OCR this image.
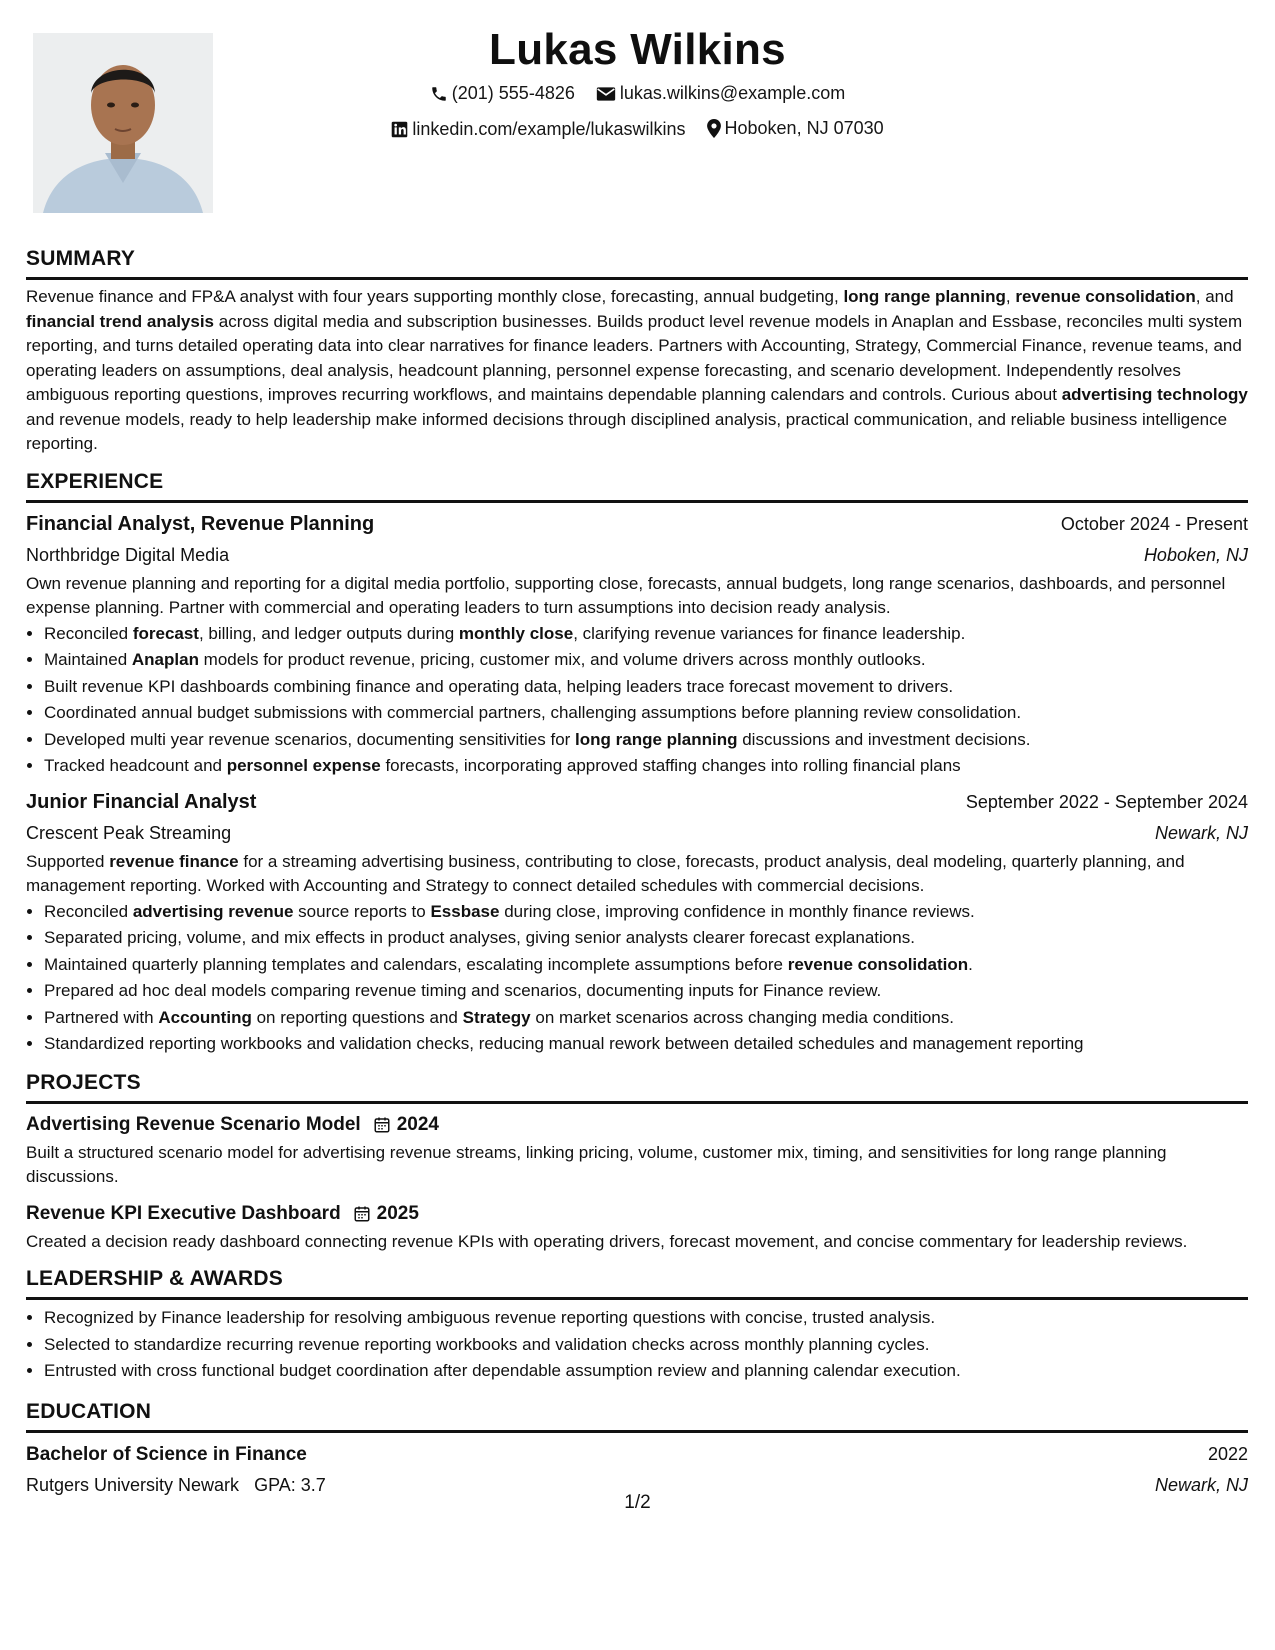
Lukas Wilkins
(201) 555-4826
	lukas.wilkins@example.com
linkedin.com/example/lukaswilkins
Hoboken, NJ 07030
SUMMARY

Revenue finance and FP&A analyst with four years supporting monthly close, forecasting, annual budgeting, long range planning, revenue consolidation, and financial trend analysis across digital media and subscription businesses. Builds product level revenue models in Anaplan and Essbase, reconciles multi system reporting, and turns detailed operating data into clear narratives for finance leaders. Partners with Accounting, Strategy, Commercial Finance, revenue teams, and operating leaders on assumptions, deal analysis, headcount planning, personnel expense forecasting, and scenario development. Independently resolves ambiguous reporting questions, improves recurring workflows, and maintains dependable planning calendars and controls. Curious about advertising technology and revenue models, ready to help leadership make informed decisions through disciplined analysis, practical communication, and reliable business intelligence reporting.

EXPERIENCE
Financial Analyst, Revenue Planning	October 2024 - Present
Northbridge Digital Media	Hoboken, NJ

Own revenue planning and reporting for a digital media portfolio, supporting close, forecasts, annual budgets, long range scenarios, dashboards, and personnel expense planning. Partner with commercial and operating leaders to turn assumptions into decision ready analysis.

• Reconciled forecast, billing, and ledger outputs during monthly close, clarifying revenue variances for finance leadership.
• Maintained Anaplan models for product revenue, pricing, customer mix, and volume drivers across monthly outlooks.
• Built revenue KPI dashboards combining finance and operating data, helping leaders trace forecast movement to drivers.
• Coordinated annual budget submissions with commercial partners, challenging assumptions before planning review consolidation.
• Developed multi year revenue scenarios, documenting sensitivities for long range planning discussions and investment decisions.
• Tracked headcount and personnel expense forecasts, incorporating approved staffing changes into rolling financial plans
Junior Financial Analyst	September 2022 - September 2024
Crescent Peak Streaming	Newark, NJ

Supported revenue finance for a streaming advertising business, contributing to close, forecasts, product analysis, deal modeling, quarterly planning, and management reporting. Worked with Accounting and Strategy to connect detailed schedules with commercial decisions.

• Reconciled advertising revenue source reports to Essbase during close, improving confidence in monthly finance reviews.
• Separated pricing, volume, and mix effects in product analyses, giving senior analysts clearer forecast explanations.
• Maintained quarterly planning templates and calendars, escalating incomplete assumptions before revenue consolidation.
• Prepared ad hoc deal models comparing revenue timing and scenarios, documenting inputs for Finance review.
• Partnered with Accounting on reporting questions and Strategy on market scenarios across changing media conditions.
• Standardized reporting workbooks and validation checks, reducing manual rework between detailed schedules and management reporting
PROJECTS
Advertising Revenue Scenario Model 2024

Built a structured scenario model for advertising revenue streams, linking pricing, volume, customer mix, timing, and sensitivities for long range planning discussions.

Revenue KPI Executive Dashboard 2025

Created a decision ready dashboard connecting revenue KPIs with operating drivers, forecast movement, and concise commentary for leadership reviews.

LEADERSHIP & AWARDS
• Recognized by Finance leadership for resolving ambiguous revenue reporting questions with concise, trusted analysis.
• Selected to standardize recurring revenue reporting workbooks and validation checks across monthly planning cycles.
• Entrusted with cross functional budget coordination after dependable assumption review and planning calendar execution.
EDUCATION
Bachelor of Science in Finance	2022
Rutgers University Newark GPA: 3.7	Newark, NJ
1/2
